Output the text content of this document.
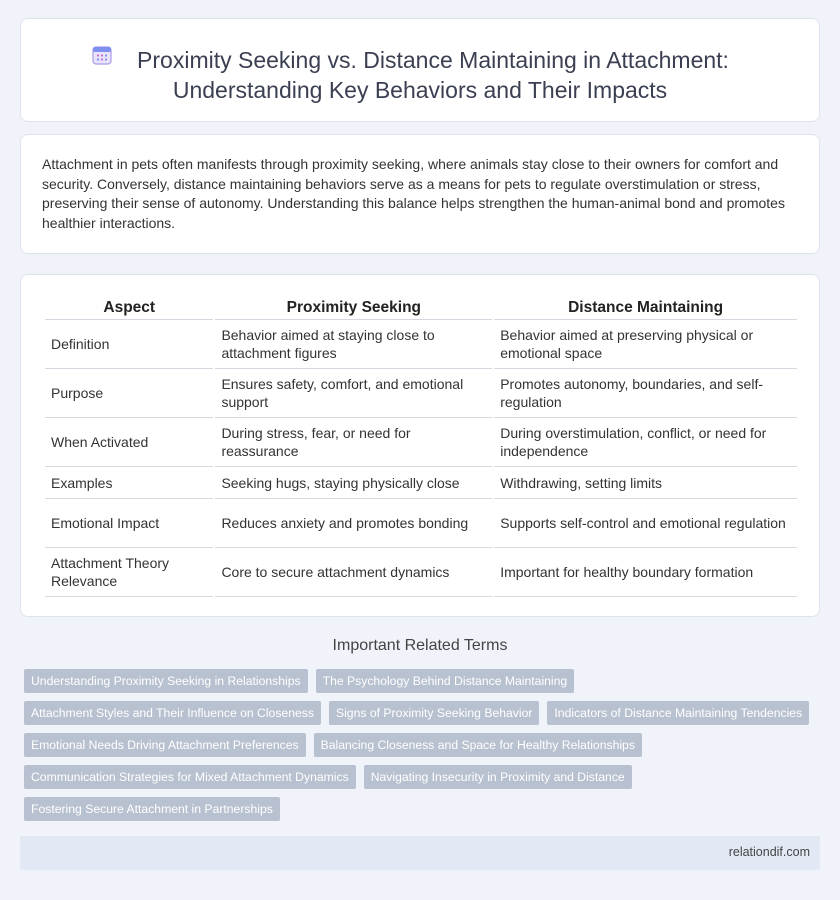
Proximity Seeking vs. Distance Maintaining in Attachment:
Understanding Key Behaviors and Their Impacts

Attachment in pets often manifests through proximity seeking, where animals stay close to their owners for comfort and security. Conversely, distance maintaining behaviors serve as a means for pets to regulate overstimulation or stress, preserving their sense of autonomy. Understanding this balance helps strengthen the human-animal bond and promotes healthier interactions.

Aspect	Proximity Seeking	Distance Maintaining
Definition	Behavior aimed at staying close to attachment figures	Behavior aimed at preserving physical or emotional space
Purpose	Ensures safety, comfort, and emotional support	Promotes autonomy, boundaries, and self-regulation
When Activated	During stress, fear, or need for reassurance	During overstimulation, conflict, or need for independence
Examples	Seeking hugs, staying physically close	Withdrawing, setting limits
Emotional Impact	Reduces anxiety and promotes bonding	Supports self-control and emotional regulation
Attachment Theory Relevance	Core to secure attachment dynamics	Important for healthy boundary formation
Important Related Terms
Understanding Proximity Seeking in Relationships	The Psychology Behind Distance Maintaining
Attachment Styles and Their Influence on Closeness	Signs of Proximity Seeking Behavior	Indicators of Distance Maintaining Tendencies
Emotional Needs Driving Attachment Preferences	Balancing Closeness and Space for Healthy Relationships
Communication Strategies for Mixed Attachment Dynamics	Navigating Insecurity in Proximity and Distance
Fostering Secure Attachment in Partnerships
relationdif.com
